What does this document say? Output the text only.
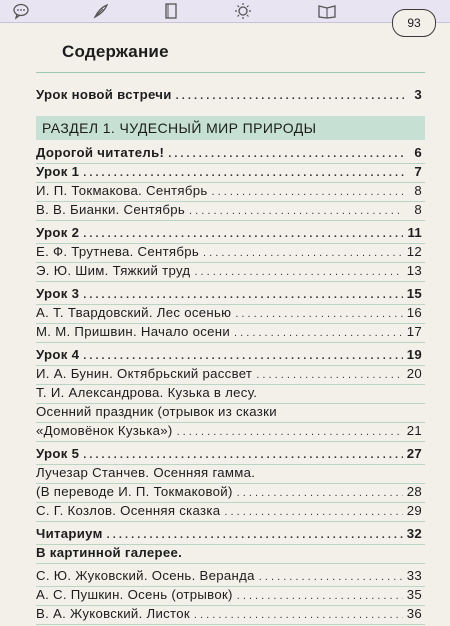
93
Содержание
Урок новой встречи . . .	3
РАЗДЕЛ 1. ЧУДЕСНЫЙ МИР ПРИРОДЫ
Дорогой читатель! . . .	6
Урок 1 . . .	7
И. П. Токмакова. Сентябрь . . .	8
В. В. Бианки. Сентябрь . . .	8
Урок 2 . . .	11
Е. Ф. Трутнева. Сентябрь . . .	12
Э. Ю. Шим. Тяжкий труд . . .	13
Урок 3 . . .	15
А. Т. Твардовский. Лес осенью . . .	16
М. М. Пришвин. Начало осени . . .	17
Урок 4 . . .	19
И. А. Бунин. Октябрьский рассвет . . .	20
Т. И. Александрова. Кузька в лесу.
Осенний праздник (отрывок из сказки
«Домовёнок Кузька») . . .	21
Урок 5 . . .	27
Лучезар Станчев. Осенняя гамма.
(В переводе И. П. Токмаковой) . . .	28
С. Г. Козлов. Осенняя сказка . . .	29
Читариум . . .	32
В картинной галерее.
С. Ю. Жуковский. Осень. Веранда . . .	33
А. С. Пушкин. Осень (отрывок) . . .	35
В. А. Жуковский. Листок . . .	36
